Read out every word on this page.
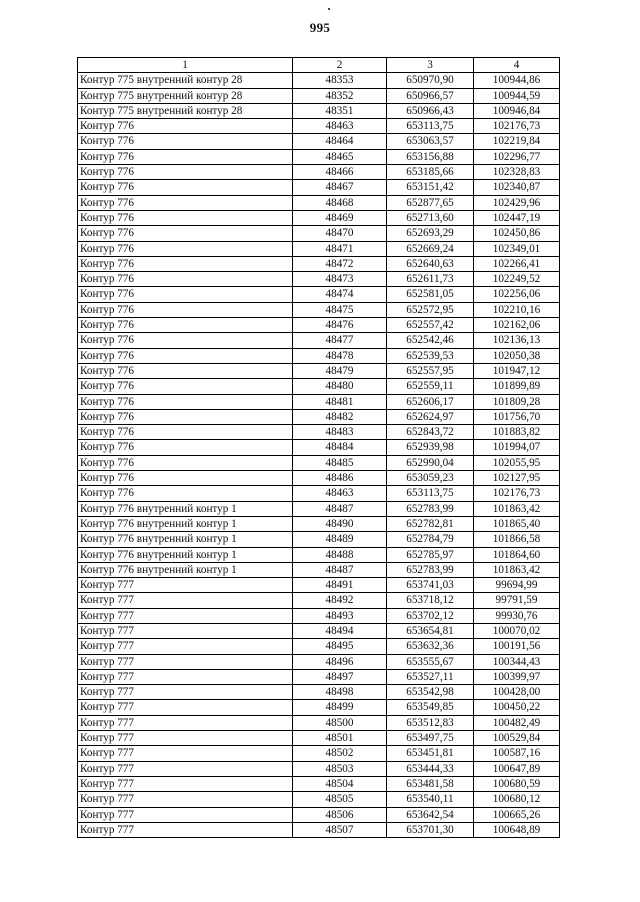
995
1	2	3	4
Контур 775 внутренний контур 28	48353	650970,90	100944,86
Контур 775 внутренний контур 28	48352	650966,57	100944,59
Контур 775 внутренний контур 28	48351	650966,43	100946,84
Контур 776	48463	653113,75	102176,73
Контур 776	48464	653063,57	102219,84
Контур 776	48465	653156,88	102296,77
Контур 776	48466	653185,66	102328,83
Контур 776	48467	653151,42	102340,87
Контур 776	48468	652877,65	102429,96
Контур 776	48469	652713,60	102447,19
Контур 776	48470	652693,29	102450,86
Контур 776	48471	652669,24	102349,01
Контур 776	48472	652640,63	102266,41
Контур 776	48473	652611,73	102249,52
Контур 776	48474	652581,05	102256,06
Контур 776	48475	652572,95	102210,16
Контур 776	48476	652557,42	102162,06
Контур 776	48477	652542,46	102136,13
Контур 776	48478	652539,53	102050,38
Контур 776	48479	652557,95	101947,12
Контур 776	48480	652559,11	101899,89
Контур 776	48481	652606,17	101809,28
Контур 776	48482	652624,97	101756,70
Контур 776	48483	652843,72	101883,82
Контур 776	48484	652939,98	101994,07
Контур 776	48485	652990,04	102055,95
Контур 776	48486	653059,23	102127,95
Контур 776	48463	653113,75	102176,73
Контур 776 внутренний контур 1	48487	652783,99	101863,42
Контур 776 внутренний контур 1	48490	652782,81	101865,40
Контур 776 внутренний контур 1	48489	652784,79	101866,58
Контур 776 внутренний контур 1	48488	652785,97	101864,60
Контур 776 внутренний контур 1	48487	652783,99	101863,42
Контур 777	48491	653741,03	99694,99
Контур 777	48492	653718,12	99791,59
Контур 777	48493	653702,12	99930,76
Контур 777	48494	653654,81	100070,02
Контур 777	48495	653632,36	100191,56
Контур 777	48496	653555,67	100344,43
Контур 777	48497	653527,11	100399,97
Контур 777	48498	653542,98	100428,00
Контур 777	48499	653549,85	100450,22
Контур 777	48500	653512,83	100482,49
Контур 777	48501	653497,75	100529,84
Контур 777	48502	653451,81	100587,16
Контур 777	48503	653444,33	100647,89
Контур 777	48504	653481,58	100680,59
Контур 777	48505	653540,11	100680,12
Контур 777	48506	653642,54	100665,26
Контур 777	48507	653701,30	100648,89
